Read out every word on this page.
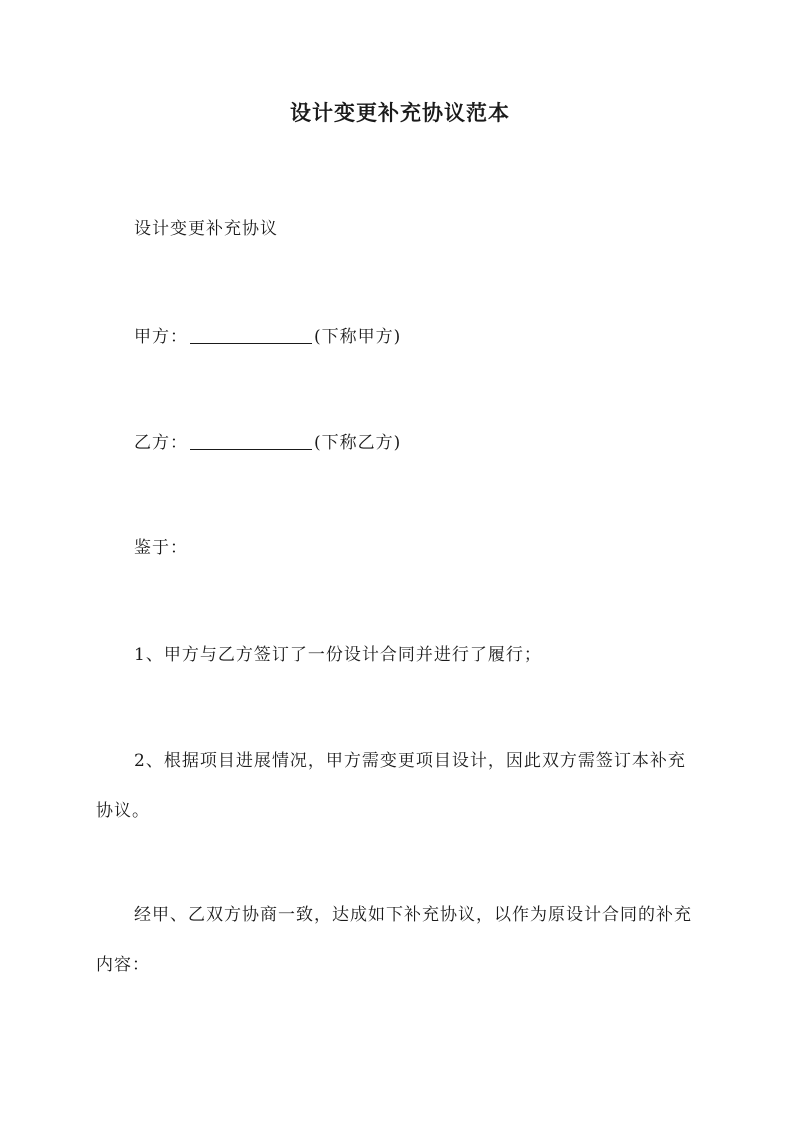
设计变更补充协议范本
设计变更补充协议
甲方：	(下称甲方)
乙方：	(下称乙方)
鉴于：
1、甲方与乙方签订了一份设计合同并进行了履行；
2、根据项目进展情况，甲方需变更项目设计，因此双方需签订本补充协议。
经甲、乙双方协商一致，达成如下补充协议，以作为原设计合同的补充内容：
